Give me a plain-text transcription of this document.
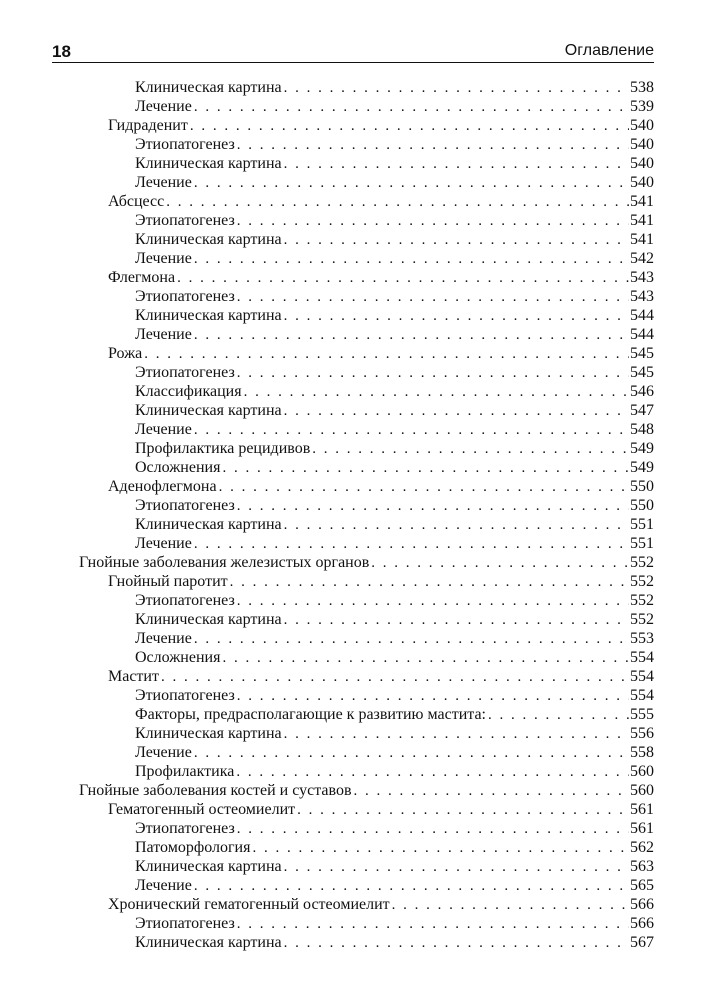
18	Оглавление
Клиническая картина . . .	538
Лечение . . .	539
Гидраденит . . .	540
Этиопатогенез . . .	540
Клиническая картина . . .	540
Лечение . . .	540
Абсцесс . . .	541
Этиопатогенез . . .	541
Клиническая картина . . .	541
Лечение . . .	542
Флегмона . . .	543
Этиопатогенез . . .	543
Клиническая картина . . .	544
Лечение . . .	544
Рожа . . .	545
Этиопатогенез . . .	545
Классификация . . .	546
Клиническая картина . . .	547
Лечение . . .	548
Профилактика рецидивов . . .	549
Осложнения . . .	549
Аденофлегмона . . .	550
Этиопатогенез . . .	550
Клиническая картина . . .	551
Лечение . . .	551
Гнойные заболевания железистых органов . . .	552
Гнойный паротит . . .	552
Этиопатогенез . . .	552
Клиническая картина . . .	552
Лечение . . .	553
Осложнения . . .	554
Мастит . . .	554
Этиопатогенез . . .	554
Факторы, предрасполагающие к развитию мастита: . . .	555
Клиническая картина . . .	556
Лечение . . .	558
Профилактика . . .	560
Гнойные заболевания костей и суставов . . .	560
Гематогенный остеомиелит . . .	561
Этиопатогенез . . .	561
Патоморфология . . .	562
Клиническая картина . . .	563
Лечение . . .	565
Хронический гематогенный остеомиелит . . .	566
Этиопатогенез . . .	566
Клиническая картина . . .	567
